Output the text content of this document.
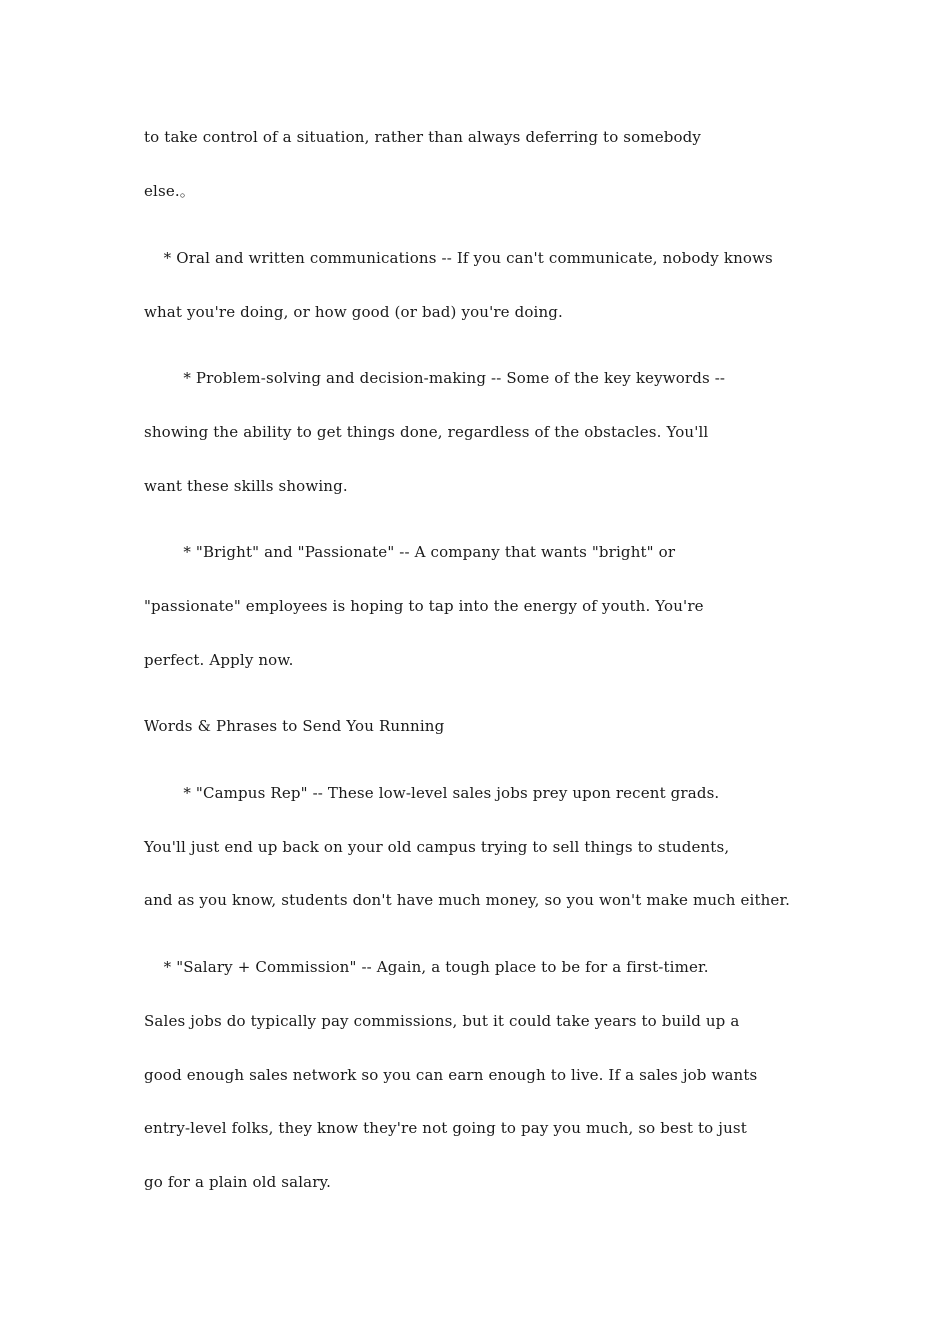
to take control of a situation, rather than always deferring to somebody
else.。
* Oral and written communications -- If you can't communicate, nobody knows
what you're doing, or how good (or bad) you're doing.
* Problem-solving and decision-making -- Some of the key keywords --
showing the ability to get things done, regardless of the obstacles. You'll
want these skills showing.
* "Bright" and "Passionate" -- A company that wants "bright" or
"passionate" employees is hoping to tap into the energy of youth. You're
perfect. Apply now.
Words & Phrases to Send You Running
* "Campus Rep" -- These low-level sales jobs prey upon recent grads.
You'll just end up back on your old campus trying to sell things to students,
and as you know, students don't have much money, so you won't make much either.
* "Salary + Commission" -- Again, a tough place to be for a first-timer.
Sales jobs do typically pay commissions, but it could take years to build up a
good enough sales network so you can earn enough to live. If a sales job wants
entry-level folks, they know they're not going to pay you much, so best to just
go for a plain old salary.
